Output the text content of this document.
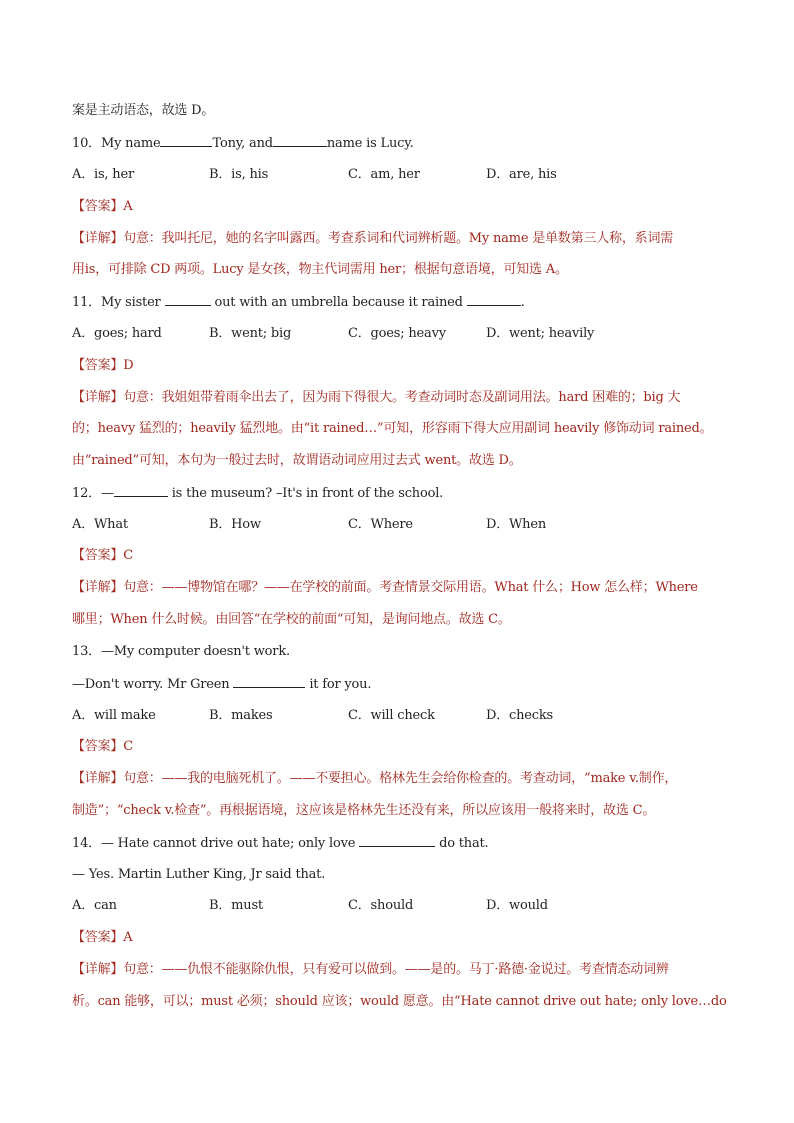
案是主动语态，故选 D。
10．My name	Tony, and	name is Lucy.
A．is, her	B．is, his	C．am, her	D．are, his
【答案】A
【详解】句意：我叫托尼，她的名字叫露西。考查系词和代词辨析题。My name 是单数第三人称，系词需
用is，可排除 CD 两项。Lucy 是女孩，物主代词需用 her；根据句意语境，可知选 A。
11．My sister	out with an umbrella because it rained	.
A．goes; hard	B．went; big	C．goes; heavy	D．went; heavily
【答案】D
【详解】句意：我姐姐带着雨伞出去了，因为雨下得很大。考查动词时态及副词用法。hard 困难的；big 大
的；heavy 猛烈的；heavily 猛烈地。由“it rained…”可知，形容雨下得大应用副词 heavily 修饰动词 rained。
由“rained”可知，本句为一般过去时，故谓语动词应用过去式 went。故选 D。
12．—	is the museum? –It's in front of the school.
A．What	B．How	C．Where	D．When
【答案】C
【详解】句意：——博物馆在哪？——在学校的前面。考查情景交际用语。What 什么；How 怎么样；Where
哪里；When 什么时候。由回答“在学校的前面”可知，是询问地点。故选 C。
13．—My computer doesn't work.
—Don't worry. Mr Green	it for you.
A．will make	B．makes	C．will check	D．checks
【答案】C
【详解】句意：——我的电脑死机了。——不要担心。格林先生会给你检查的。考查动词，“make v.制作，
制造”；“check v.检查”。再根据语境，这应该是格林先生还没有来，所以应该用一般将来时，故选 C。
14．— Hate cannot drive out hate; only love	do that.
— Yes. Martin Luther King, Jr said that.
A．can	B．must	C．should	D．would
【答案】A
【详解】句意：——仇恨不能驱除仇恨，只有爱可以做到。——是的。马丁·路德·金说过。考查情态动词辨
析。can 能够，可以；must 必须；should 应该；would 愿意。由“Hate cannot drive out hate; only love…do
